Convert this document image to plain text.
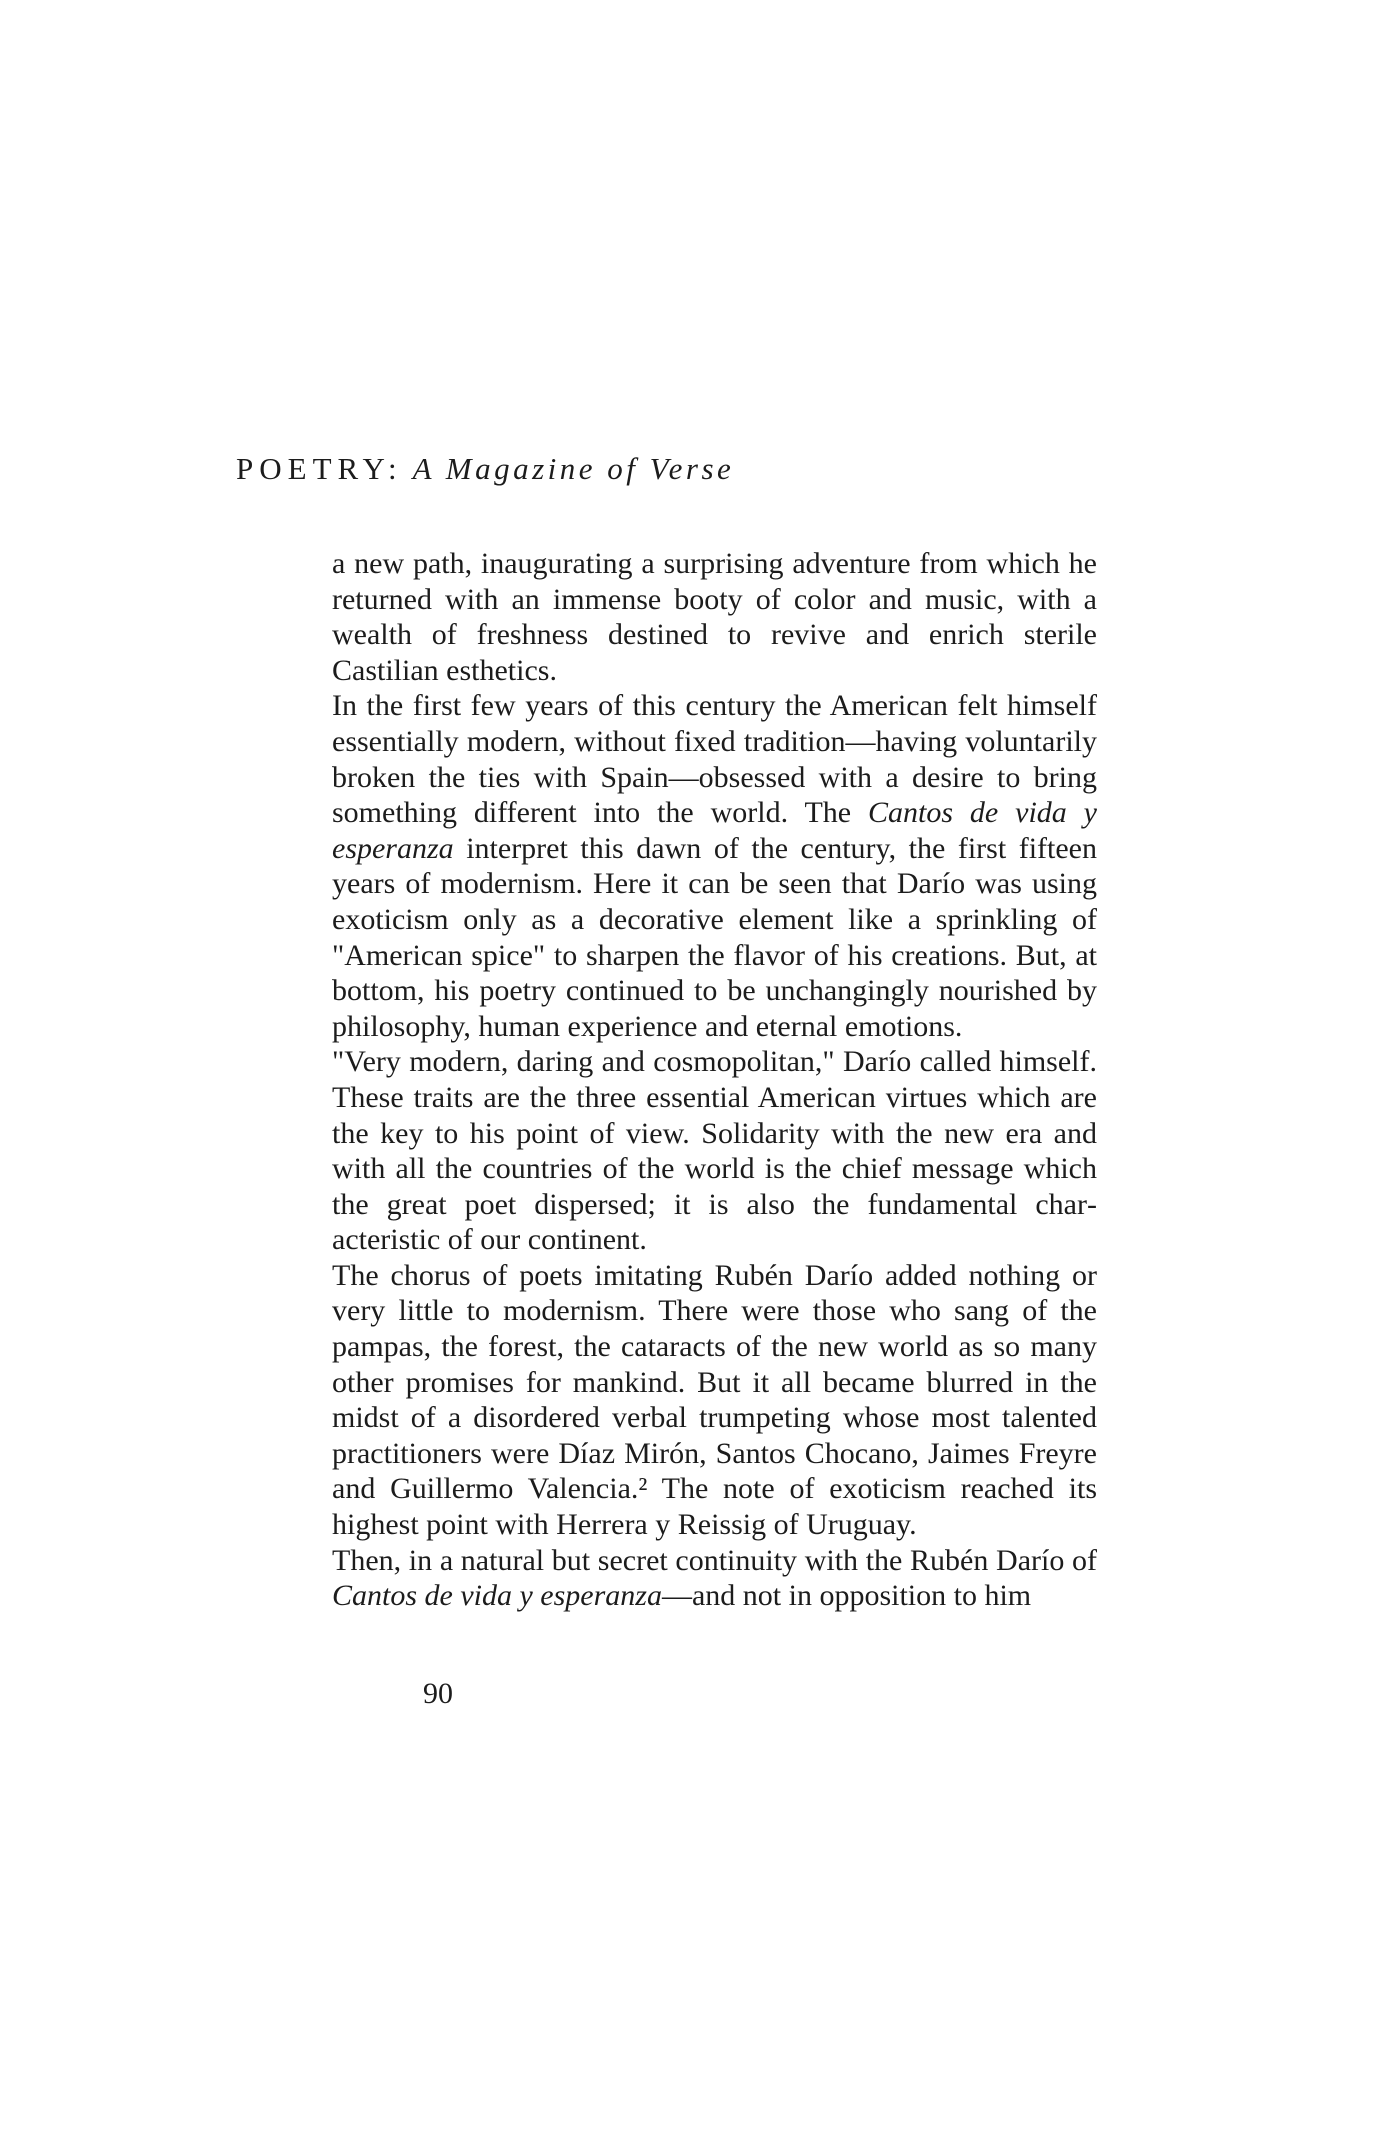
POETRY: A Magazine of Verse

a new path, inaugurating a surprising adventure from which he returned with an immense booty of color and music, with a wealth of freshness destined to revive and enrich sterile Castilian esthetics.

In the first few years of this century the American felt himself essentially modern, without fixed tradition—having voluntarily broken the ties with Spain—obsessed with a desire to bring something different into the world. The Cantos de vida y esperanza interpret this dawn of the century, the first fifteen years of modernism. Here it can be seen that Darío was using exoticism only as a decorative element like a sprinkling of "American spice" to sharpen the flavor of his creations. But, at bottom, his poetry continued to be unchangingly nourished by philosophy, human experience and eternal emotions.

"Very modern, daring and cosmopolitan," Darío called himself. These traits are the three essential American virtues which are the key to his point of view. Solidarity with the new era and with all the countries of the world is the chief message which the great poet dispersed; it is also the fundamental characteristic of our continent.

The chorus of poets imitating Rubén Darío added nothing or very little to modernism. There were those who sang of the pampas, the forest, the cataracts of the new world as so many other promises for mankind. But it all became blurred in the midst of a disordered verbal trumpeting whose most talented practitioners were Díaz Mirón, Santos Chocano, Jaimes Freyre and Guillermo Valencia.² The note of exoticism reached its highest point with Herrera y Reissig of Uruguay.

Then, in a natural but secret continuity with the Rubén Darío of Cantos de vida y esperanza—and not in opposition to him

90
